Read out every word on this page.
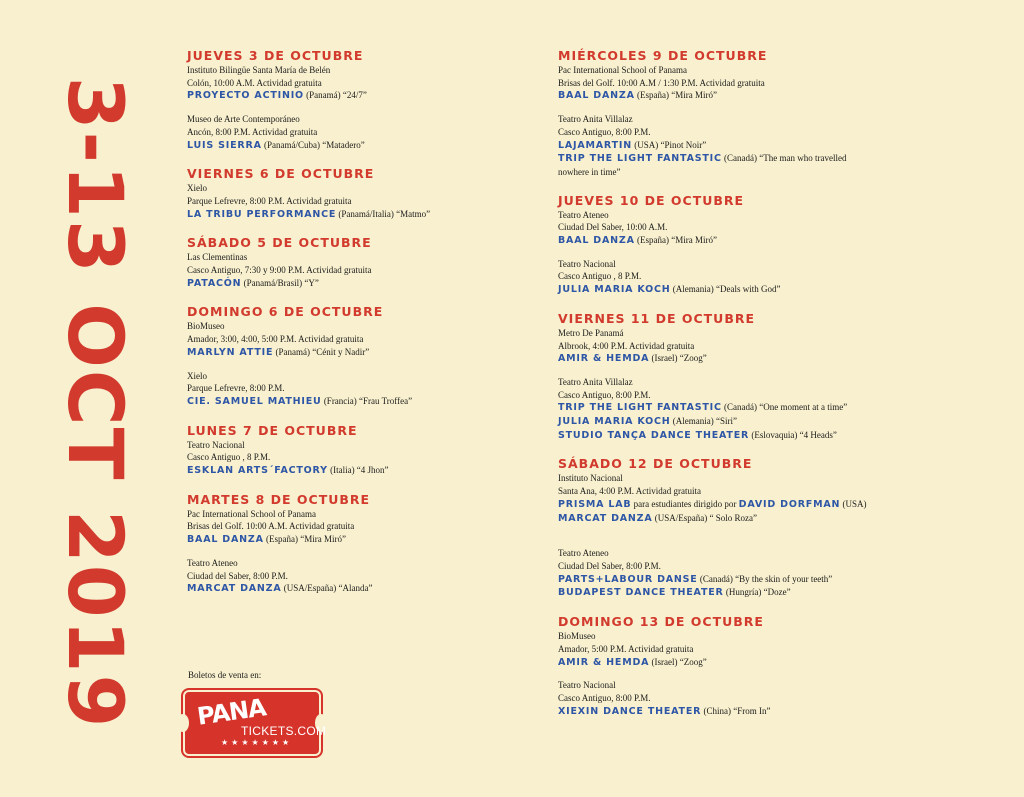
3-13 OCT 2019
JUEVES 3 DE OCTUBRE
Instituto Bilingüe Santa María de Belén
Colón, 10:00 A.M. Actividad gratuita
PROYECTO ACTINIO (Panamá) “24/7”
Museo de Arte Contemporáneo
Ancón, 8:00 P.M. Actividad gratuita
LUIS SIERRA (Panamá/Cuba) “Matadero”
VIERNES 6 DE OCTUBRE
Xielo
Parque Lefrevre, 8:00 P.M. Actividad gratuita
LA TRIBU PERFORMANCE (Panamá/Italia) “Matmo”
SÁBADO 5 DE OCTUBRE
Las Clementinas
Casco Antiguo, 7:30 y 9:00 P.M. Actividad gratuita
PATACÓN (Panamá/Brasil) “Y”
DOMINGO 6 DE OCTUBRE
BioMuseo
Amador, 3:00, 4:00, 5:00 P.M. Actividad gratuita
MARLYN ATTIE (Panamá) “Cénit y Nadir”
Xielo
Parque Lefrevre, 8:00 P.M.
CIE. SAMUEL MATHIEU (Francia) “Frau Troffea”
LUNES 7 DE OCTUBRE
Teatro Nacional
Casco Antiguo , 8 P.M.
ESKLAN ARTS´FACTORY (Italia) “4 Jhon”
MARTES 8 DE OCTUBRE
Pac International School of Panama
Brisas del Golf. 10:00 A.M. Actividad gratuita
BAAL DANZA (España) “Mira Miró”
Teatro Ateneo
Ciudad del Saber, 8:00 P.M.
MARCAT DANZA (USA/España) “Alanda”
MIÉRCOLES 9 DE OCTUBRE
Pac International School of Panama
Brisas del Golf. 10:00 A.M / 1:30 P.M. Actividad gratuita
BAAL DANZA (España) “Mira Miró”
Teatro Anita Villalaz
Casco Antiguo, 8:00 P.M.
LAJAMARTIN (USA) “Pinot Noir”
TRIP THE LIGHT FANTASTIC (Canadá) “The man who travelled
nowhere in time”
JUEVES 10 DE OCTUBRE
Teatro Ateneo
Ciudad Del Saber, 10:00 A.M.
BAAL DANZA (España) “Mira Miró”
Teatro Nacional
Casco Antiguo , 8 P.M.
JULIA MARIA KOCH (Alemania) “Deals with God”
VIERNES 11 DE OCTUBRE
Metro De Panamá
Albrook, 4:00 P.M. Actividad gratuita
AMIR & HEMDA (Israel) “Zoog”
Teatro Anita Villalaz
Casco Antiguo, 8:00 P.M.
TRIP THE LIGHT FANTASTIC (Canadá) “One moment at a time”
JULIA MARIA KOCH (Alemania) “Siri”
STUDIO TANÇA DANCE THEATER (Eslovaquia) “4 Heads”
SÁBADO 12 DE OCTUBRE
Instituto Nacional
Santa Ana, 4:00 P.M. Actividad gratuita
PRISMA LAB para estudiantes dirigido por DAVID DORFMAN (USA)
MARCAT DANZA (USA/España) “ Solo Roza”
Teatro Ateneo
Ciudad Del Saber, 8:00 P.M.
PARTS+LABOUR DANSE (Canadá) “By the skin of your teeth”
BUDAPEST DANCE THEATER (Hungría) “Doze”
DOMINGO 13 DE OCTUBRE
BioMuseo
Amador, 5:00 P.M. Actividad gratuita
AMIR & HEMDA (Israel) “Zoog”
Teatro Nacional
Casco Antiguo, 8:00 P.M.
XIEXIN DANCE THEATER (China) “From In”
Boletos de venta en:
PANA
TICKETS.COM
★★★★★★★
